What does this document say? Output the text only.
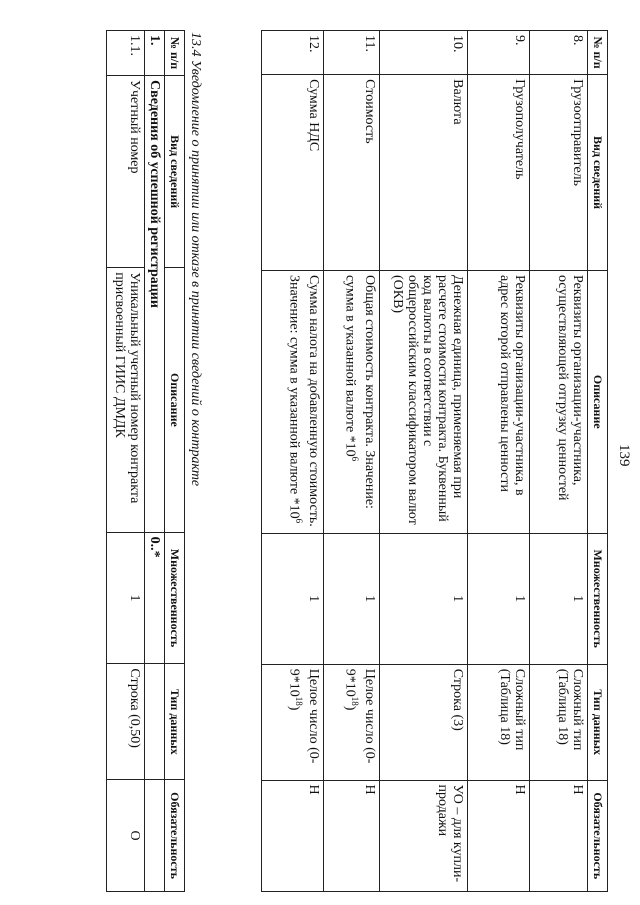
139
№ п/п	Вид сведений	Описание	Множественность	Тип данных	Обязательность
8.	Грузоотправитель	Реквизиты организации-участника, осуществляющей отгрузку ценностей	1	Сложный тип (Таблица 18)	Н
9.	Грузополучатель	Реквизиты организации-участника, в адрес которой отправлены ценности	1	Сложный тип (Таблица 18)	Н
10.	Валюта	Денежная единица, применяемая при расчете стоимости контракта. Буквенный код валюты в соответствии с общероссийским классификатором валют (ОКВ)	1	Строка (3)	УО – для купли-продажи
11.	Стоимость	Общая стоимость контракта. Значение: сумма в указанной валюте $*10^6$	1	Целое число $(0-9*10^{18})$	Н
12.	Сумма НДС	Сумма налога на добавленную стоимость. Значение: сумма в указанной валюте $*10^6$	1	Целое число $(0-9*10^{18})$	Н
13.4 Уведомление о принятии или отказе в принятии сведений о контракте
№ п/п	Вид сведений	Описание	Множественность	Тип данных	Обязательность
1.	Сведения об успешной регистрации		0..*		
1.1.	Учетный номер	Уникальный учетный номер контракта присвоенный ГИИС ДМДК	1	Строка (0,50)	О
